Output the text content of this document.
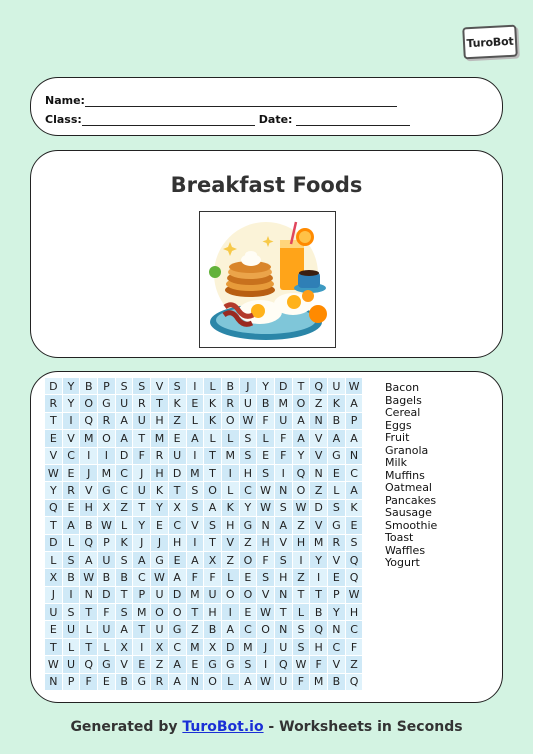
TuroBot
Name:
Class:	Date:
Breakfast Foods
D Y B P S S V S	I	L B	J	Y D T Q U W
R Y O G U R T K E K R U B M O Z K A
T	I	Q R A U H Z L	K O W F U A N B P
E V M O A T M E A L	L	S	L	F A V A A
V C	I	I	D F R U	I	T M S E	F	Y V G N
W E	J	M C	J	H D M T	I	H S	I	Q N E C
Y R V G C U K T S O L C W N O Z L A
Q E H X Z T Y X S A K Y W S W D S K
T A B W L	Y E C V S H G N A Z V G E
D L Q P K	J	J	H	I	T V Z H V H M R S
L	S A U S A G E A X Z O F	S	I	Y V Q
X B W B B C W A F	F	L	E S H Z	I	E Q
J	I	N D T	P U D M U O O V N T T	P W
U S T	F	S M O O T H	I	E W T	L B Y H
E U L U A T U G Z B A C O N S Q N C
T	L	T	L X	I	X C M X D M	J	U S H C F
W U Q G V E Z A E G G S	I	Q W F V Z
N P	F	E B G R A N O L A W U F M B Q
Bacon
Bagels
Cereal
Eggs
Fruit
Granola
Milk
Muffins
Oatmeal
Pancakes
Sausage
Smoothie
Toast
Waffles
Yogurt
Generated by TuroBot.io - Worksheets in Seconds
